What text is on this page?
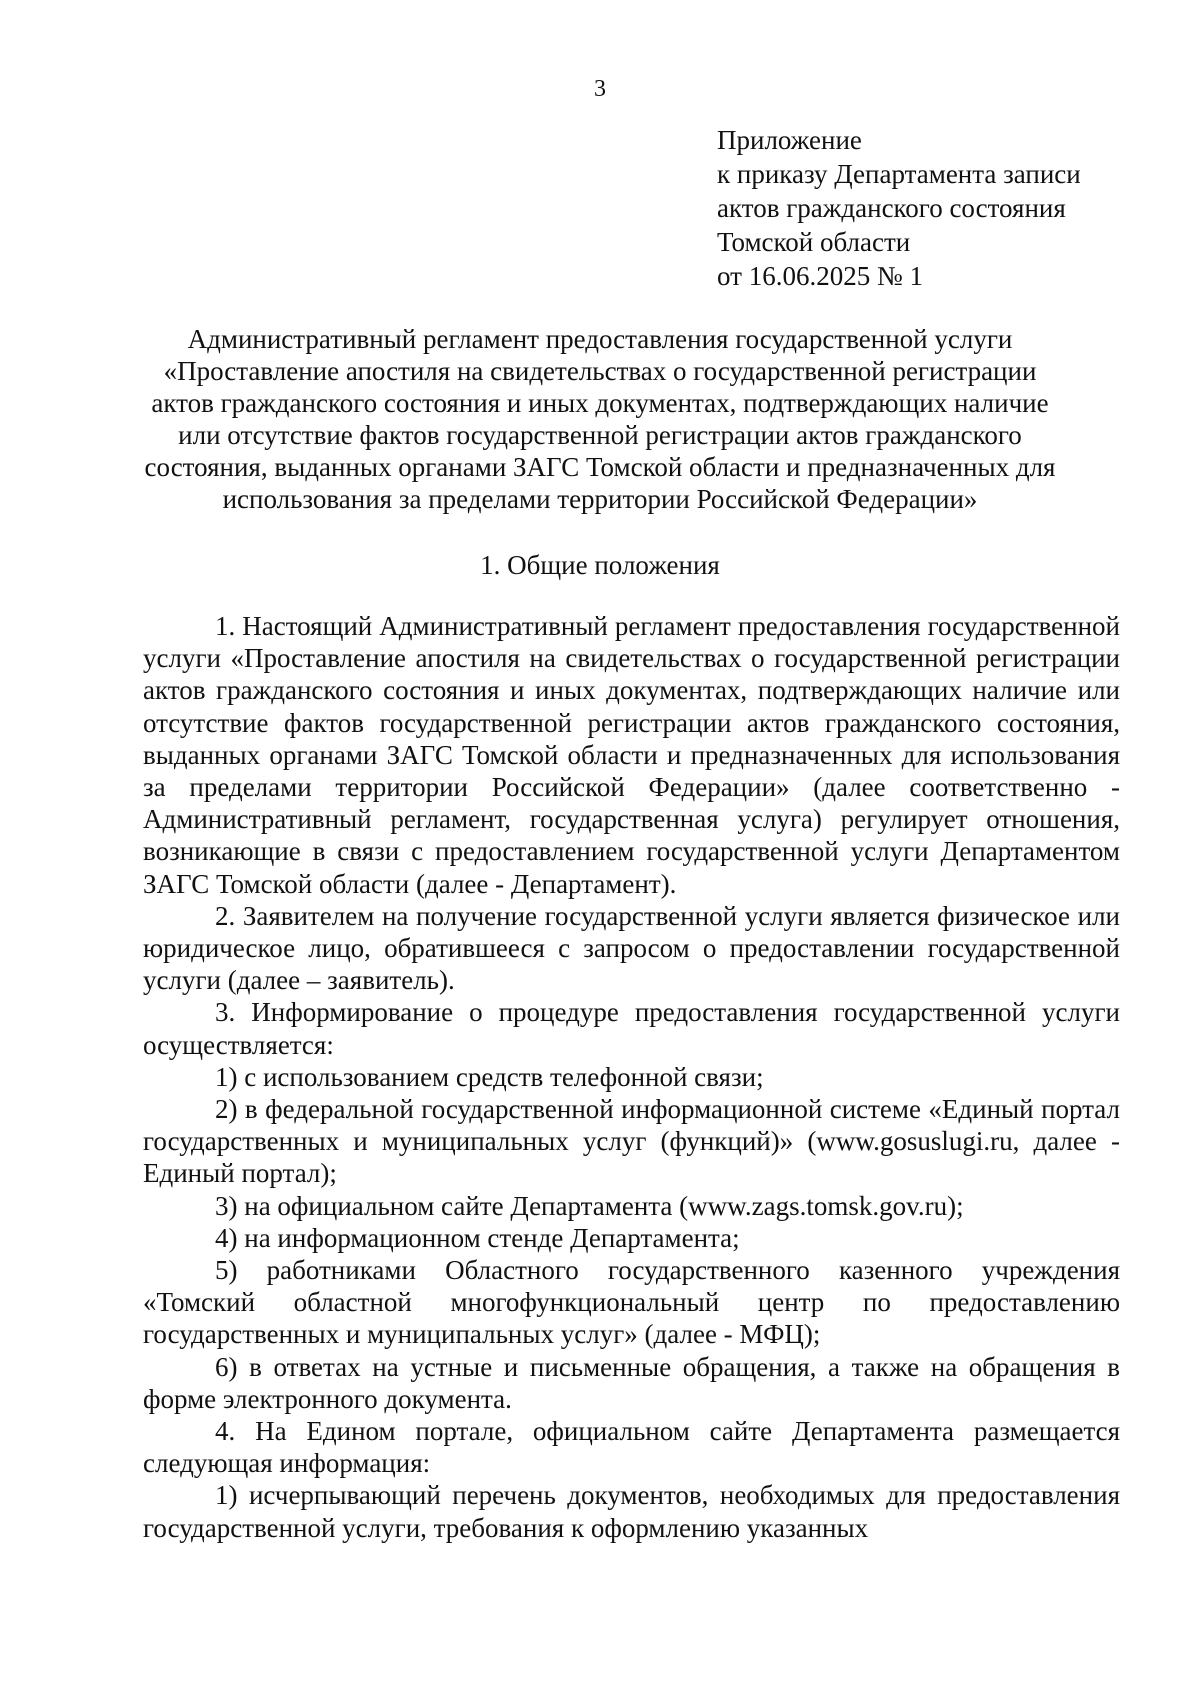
3
Приложение
к приказу Департамента записи
актов гражданского состояния
Томской области
от 16.06.2025 № 1
Административный регламент предоставления государственной услуги
«Проставление апостиля на свидетельствах о государственной регистрации
актов гражданского состояния и иных документах, подтверждающих наличие
или отсутствие фактов государственной регистрации актов гражданского
состояния, выданных органами ЗАГС Томской области и предназначенных для
использования за пределами территории Российской Федерации»
1. Общие положения

1. Настоящий Административный регламент предоставления государственной услуги «Проставление апостиля на свидетельствах о государственной регистрации актов гражданского состояния и иных документах, подтверждающих наличие или отсутствие фактов государственной регистрации актов гражданского состояния, выданных органами ЗАГС Томской области и предназначенных для использования за пределами территории Российской Федерации» (далее соответственно - Административный регламент, государственная услуга) регулирует отношения, возникающие в связи с предоставлением государственной услуги Департаментом ЗАГС Томской области (далее - Департамент).

2. Заявителем на получение государственной услуги является физическое или юридическое лицо, обратившееся с запросом о предоставлении государственной услуги (далее – заявитель).

3. Информирование о процедуре предоставления государственной услуги осуществляется:

1) с использованием средств телефонной связи;

2) в федеральной государственной информационной системе «Единый портал государственных и муниципальных услуг (функций)» (www.gosuslugi.ru, далее - Единый портал);

3) на официальном сайте Департамента (www.zags.tomsk.gov.ru);

4) на информационном стенде Департамента;

5) работниками Областного государственного казенного учреждения «Томский областной многофункциональный центр по предоставлению государственных и муниципальных услуг» (далее - МФЦ);

6) в ответах на устные и письменные обращения, а также на обращения в форме электронного документа.

4. На Едином портале, официальном сайте Департамента размещается следующая информация:

1) исчерпывающий перечень документов, необходимых для предоставления государственной услуги, требования к оформлению указанных
